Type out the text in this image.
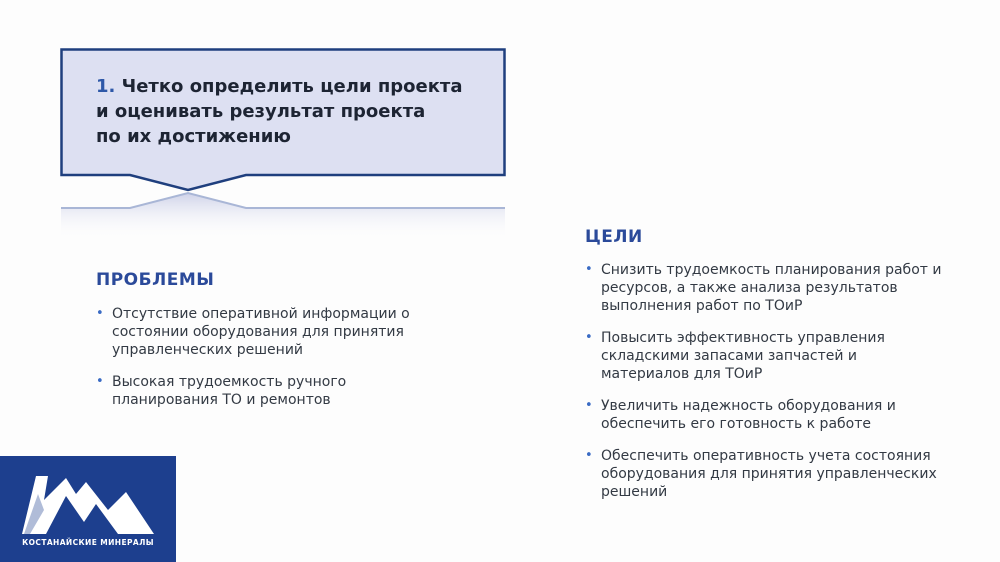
1. Четко определить цели проекта
и оценивать результат проекта
по их достижению
ПРОБЛЕМЫ
• Отсутствие оперативной информации о состоянии оборудования для принятия управленческих решений
• Высокая трудоемкость ручного планирования ТО и ремонтов
ЦЕЛИ
• Снизить трудоемкость планирования работ и ресурсов, а также анализа результатов выполнения работ по ТОиР
• Повысить эффективность управления складскими запасами запчастей и материалов для ТОиР
• Увеличить надежность оборудования и обеспечить его готовность к работе
• Обеспечить оперативность учета состояния оборудования для принятия управленческих решений
КОСТАНАЙСКИЕ МИНЕРАЛЫ
